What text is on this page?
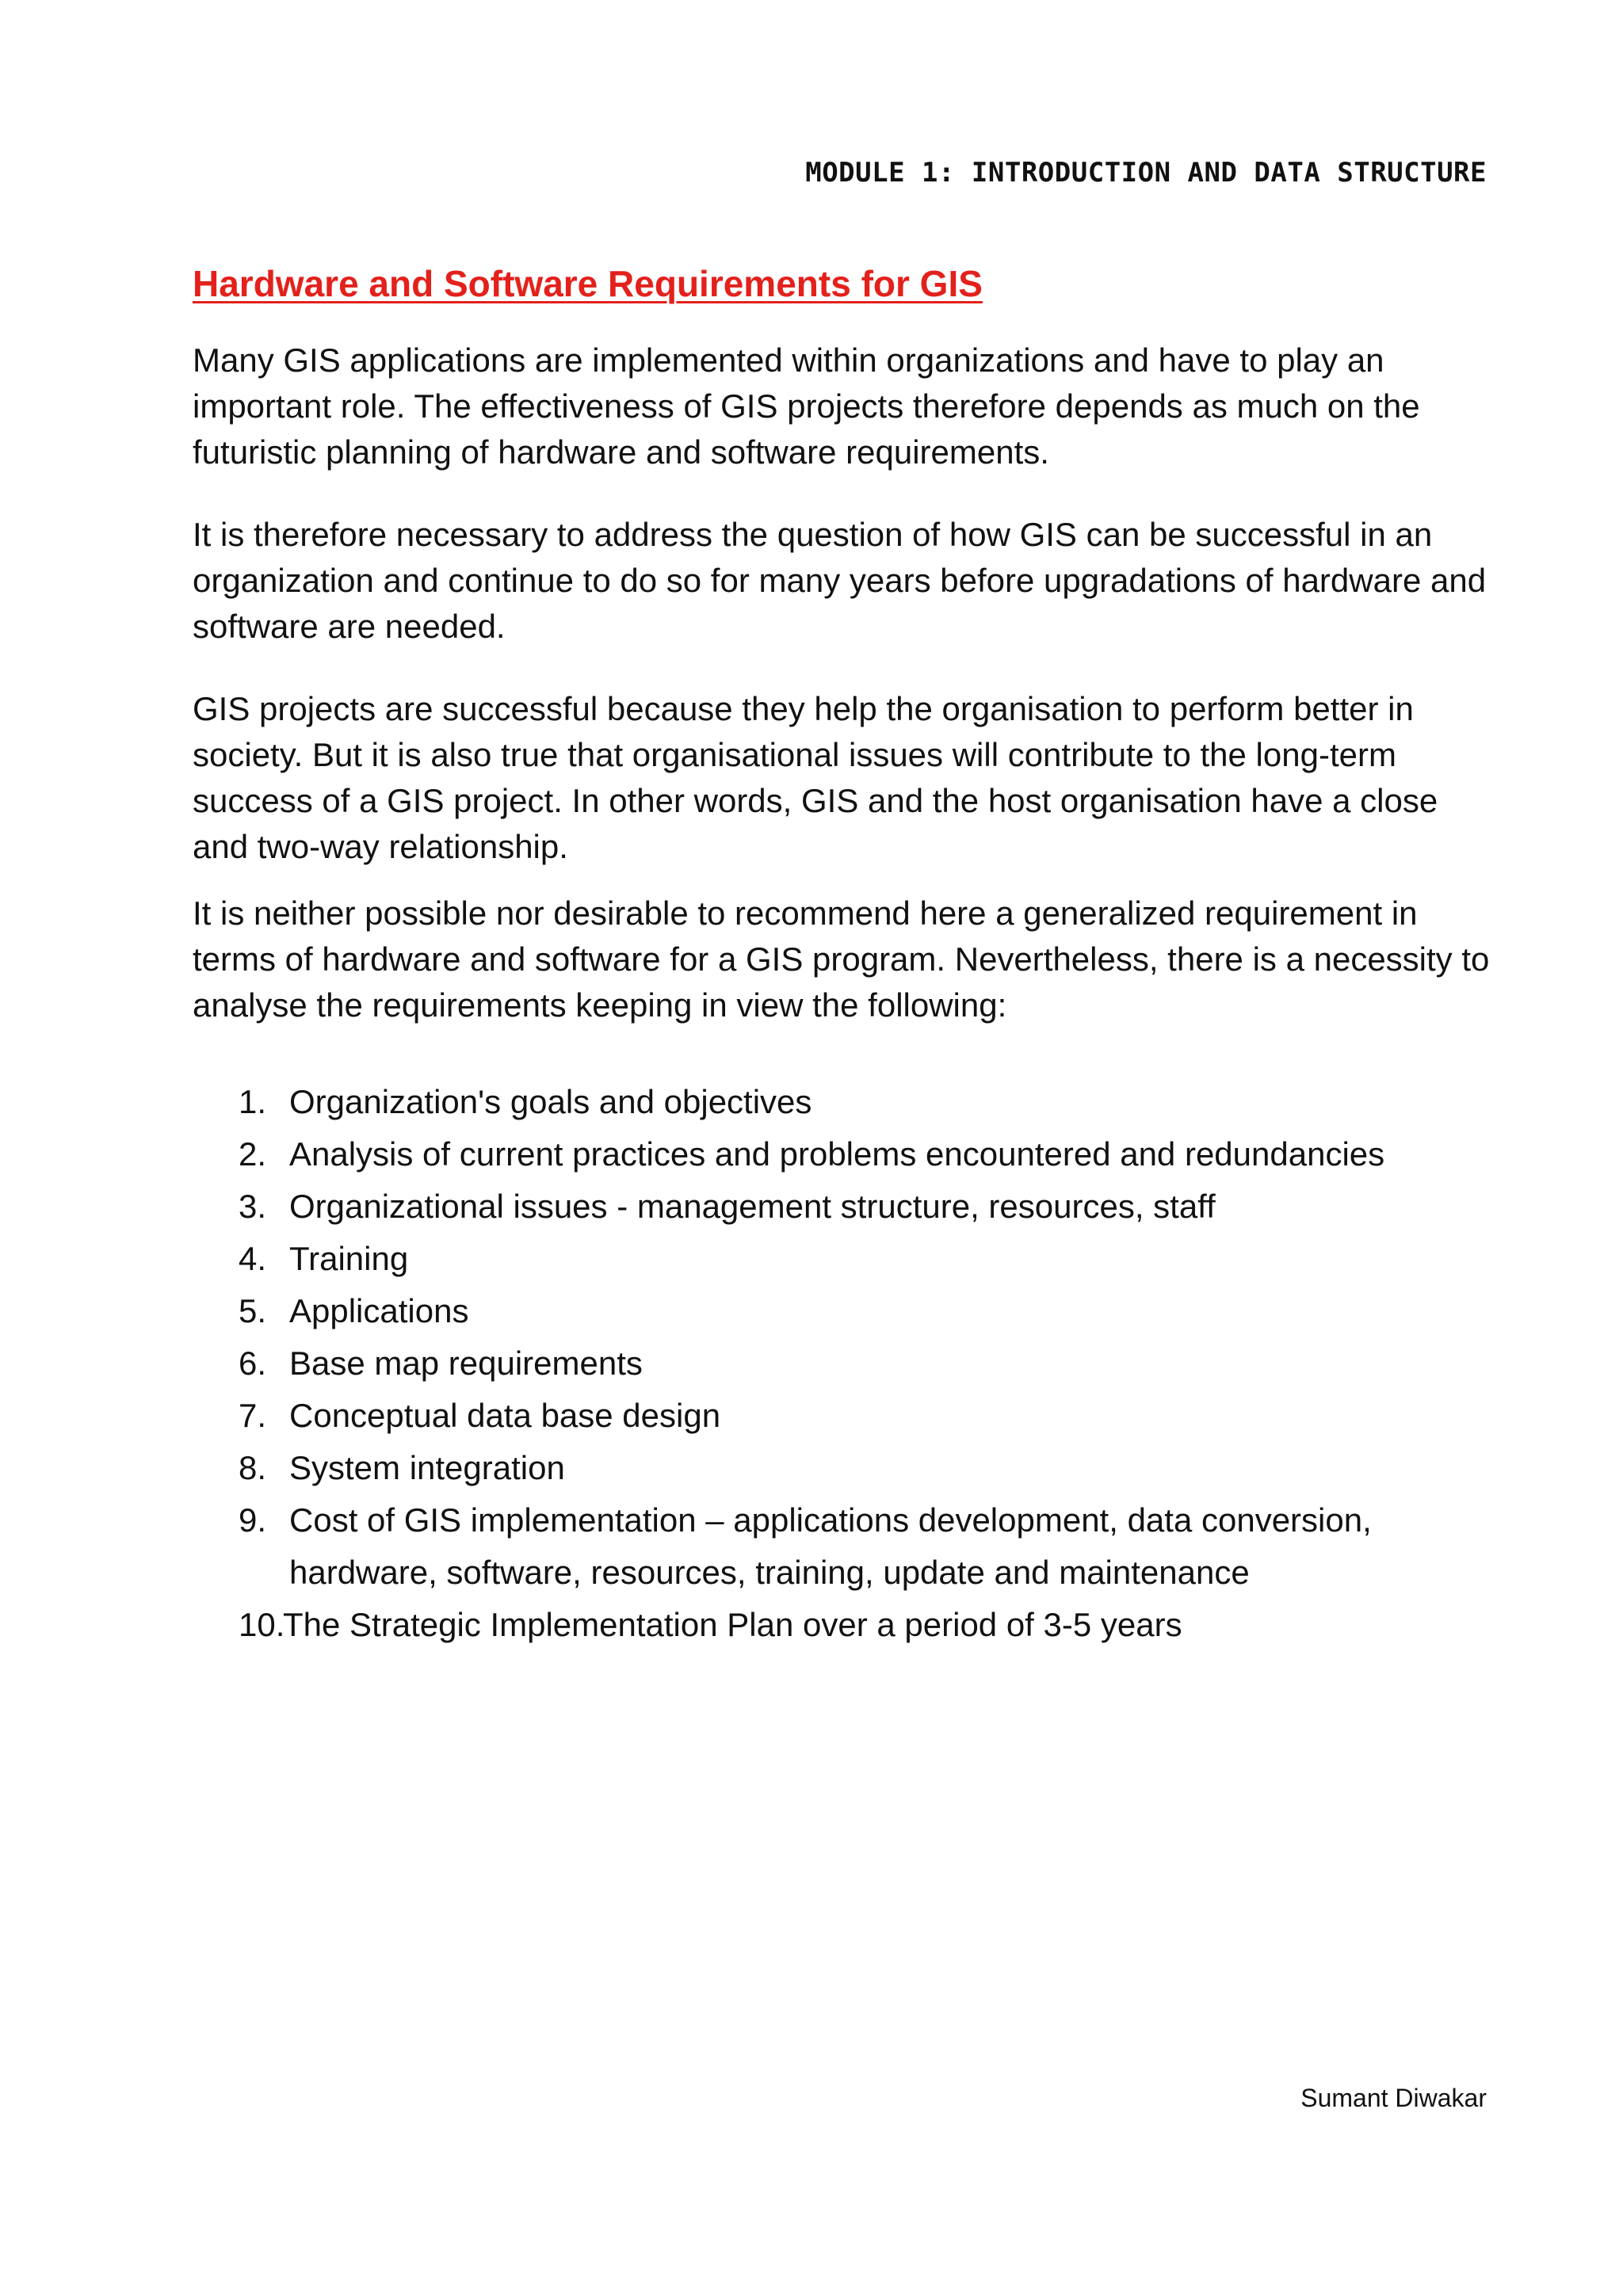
MODULE 1: INTRODUCTION AND DATA STRUCTURE
Hardware and Software Requirements for GIS

Many GIS applications are implemented within organizations and have to play an important role. The effectiveness of GIS projects therefore depends as much on the futuristic planning of hardware and software requirements.

It is therefore necessary to address the question of how GIS can be successful in an organization and continue to do so for many years before upgradations of hardware and software are needed.

GIS projects are successful because they help the organisation to perform better in society. But it is also true that organisational issues will contribute to the long-term success of a GIS project. In other words, GIS and the host organisation have a close and two-way relationship.

It is neither possible nor desirable to recommend here a generalized requirement in terms of hardware and software for a GIS program. Nevertheless, there is a necessity to analyse the requirements keeping in view the following:

1. Organization's goals and objectives
2. Analysis of current practices and problems encountered and redundancies
3. Organizational issues - management structure, resources, staff
4. Training
5. Applications
6. Base map requirements
7. Conceptual data base design
8. System integration
9. Cost of GIS implementation – applications development, data conversion, hardware, software, resources, training, update and maintenance
10.
The Strategic Implementation Plan over a period of 3-5 years
Sumant Diwakar
